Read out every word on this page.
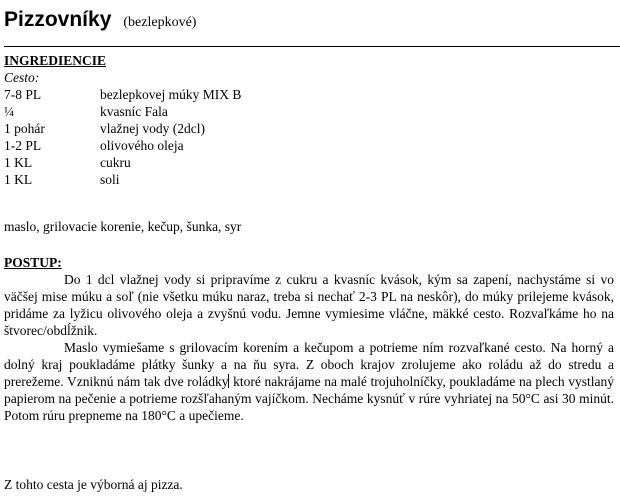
Pizzovníky (bezlepkové)
INGREDIENCIE
Cesto:
7-8 PL	bezlepkovej múky MIX B
¼	kvasníc Fala
1 pohár	vlažnej vody (2dcl)
1-2 PL	olivového oleja
1 KL	cukru
1 KL	soli
maslo, grilovacie korenie, kečup, šunka, syr
POSTUP:

Do 1 dcl vlažnej vody si pripravíme z cukru a kvasníc kvások, kým sa zapení, nachystáme si vo väčšej mise múku a soľ (nie všetku múku naraz, treba si nechať 2-3 PL na neskôr), do múky prilejeme kvások, pridáme za lyžicu olivového oleja a zvyšnú vodu. Jemne vymiesime vláčne, mäkké cesto. Rozvaľkáme ho na štvorec/obdĺžnik.

Maslo vymiešame s grilovacím korením a kečupom a potrieme ním rozvaľkané cesto. Na horný a dolný kraj poukladáme plátky šunky a na ňu syra. Z oboch krajov zrolujeme ako roládu až do stredu a prerežeme. Vzniknú nám tak dve roládky ktoré nakrájame na malé trojuholníčky, poukladáme na plech vystlaný papierom na pečenie a potrieme rozšľahaným vajíčkom. Necháme kysnúť v rúre vyhriatej na 50°C asi 30 minút. Potom rúru prepneme na 180°C a upečieme.

Z tohto cesta je výborná aj pizza.
